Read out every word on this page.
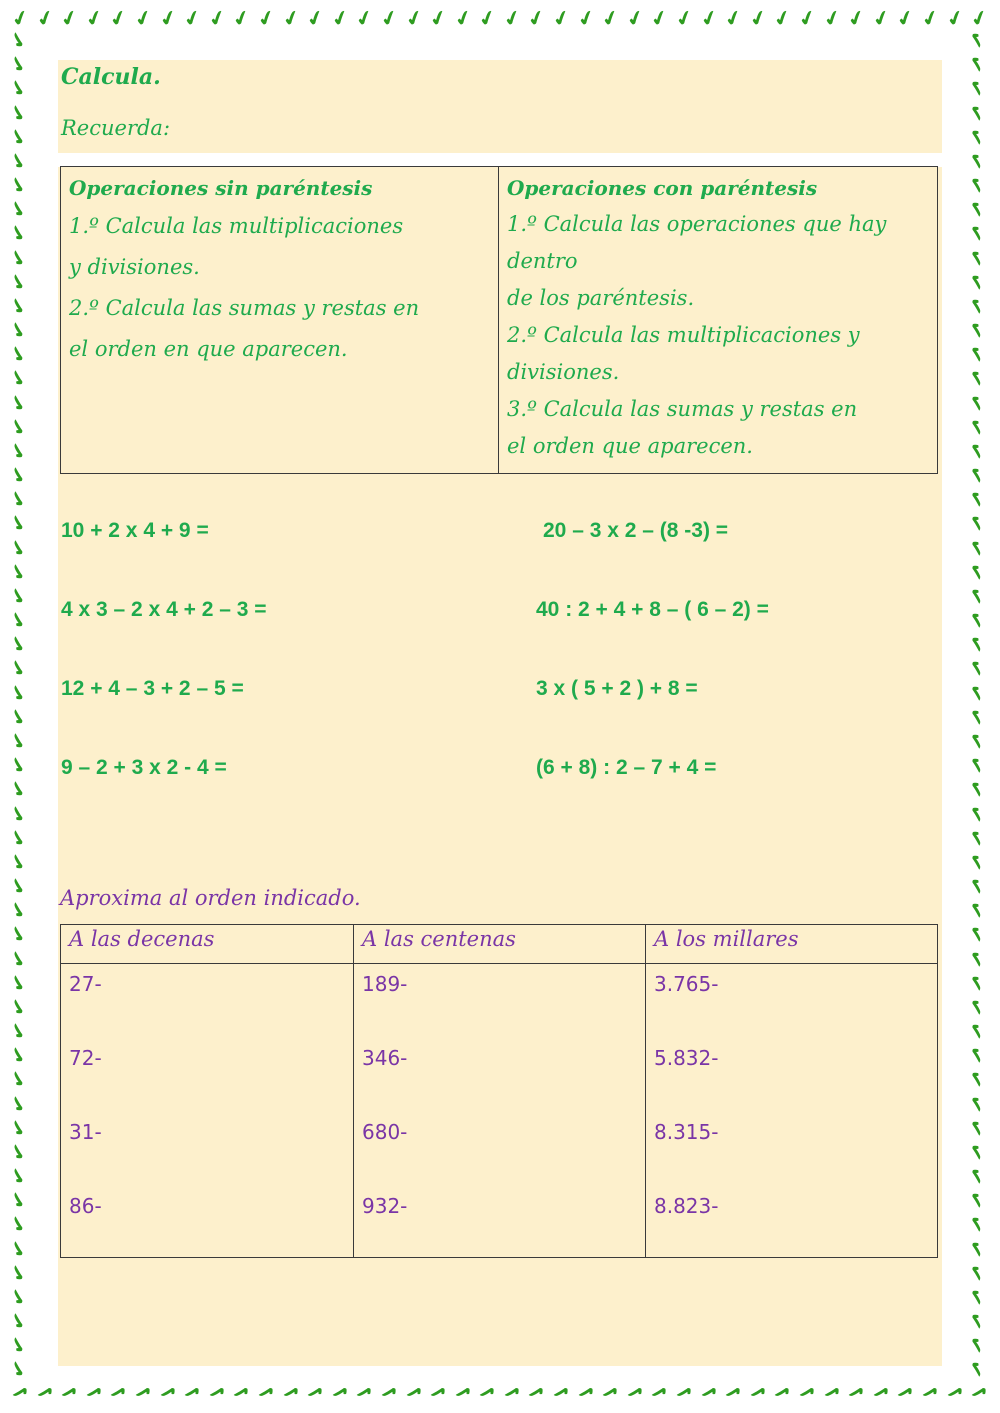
✔ ✔ ✔ ✔ ✔ ✔ ✔ ✔ ✔ ✔ ✔ ✔ ✔ ✔ ✔ ✔ ✔ ✔ ✔ ✔ ✔ ✔ ✔ ✔ ✔ ✔ ✔ ✔ ✔ ✔ ✔ ✔ ✔ ✔ ✔ ✔ ✔ ✔ ✔ ✔
✔ ✔ ✔ ✔ ✔ ✔ ✔ ✔ ✔ ✔ ✔ ✔ ✔ ✔ ✔ ✔ ✔ ✔ ✔ ✔ ✔ ✔ ✔ ✔ ✔ ✔ ✔ ✔ ✔ ✔ ✔ ✔ ✔ ✔ ✔ ✔ ✔ ✔ ✔ ✔
✔
✔
✔
✔
✔
✔
✔
✔
✔
✔
✔
✔
✔
✔
✔
✔
✔
✔
✔
✔
✔
✔
✔
✔
✔
✔
✔
✔
✔
✔
✔
✔
✔
✔
✔
✔
✔
✔
✔
✔
✔
✔
✔
✔
✔
✔
✔
✔
✔
✔
✔
✔
✔
✔
✔
✔
✔
✔
✔
✔
✔
✔
✔
✔
✔
✔
✔
✔
✔
✔
✔
✔
✔
✔
✔
✔
✔
✔
✔
✔
✔
✔
✔
✔
✔
✔
✔
✔
✔
✔
✔
✔
✔
✔
✔
✔
✔
✔
✔
✔
✔
✔
✔
✔
✔
✔
✔
✔
✔
✔
✔
✔
Calcula.
Recuerda:
Operaciones sin paréntesis
1.º Calcula las multiplicaciones
y divisiones.
2.º Calcula las sumas y restas en
el orden en que aparecen.
Operaciones con paréntesis
1.º Calcula las operaciones que hay
dentro
de los paréntesis.
2.º Calcula las multiplicaciones y
divisiones.
3.º Calcula las sumas y restas en
el orden que aparecen.
10 + 2 x 4 + 9 =
4 x 3 – 2 x 4 + 2 – 3 =
12 + 4 – 3 + 2 – 5 =
9 – 2 + 3 x 2 - 4 =
20 – 3 x 2 – (8 -3) =
40 : 2 + 4 + 8 – ( 6 – 2) =
3 x ( 5 + 2 ) + 8 =
(6 + 8) : 2 – 7 + 4 =
Aproxima al orden indicado.
A las decenas	A las centenas	A los millares
27-
72-
31-
86-
189-
346-
680-
932-
3.765-
5.832-
8.315-
8.823-
